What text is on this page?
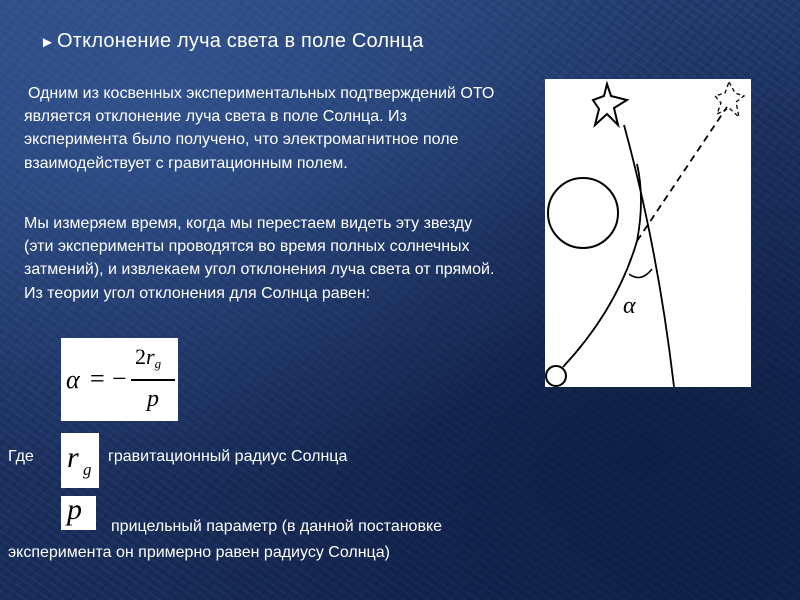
► Отклонение луча света в поле Солнца
Одним из косвенных экспериментальных подтверждений ОТО является отклонение луча света в поле Солнца. Из эксперимента было получено, что электромагнитное поле взаимодействует с гравитационным полем.
Мы измеряем время, когда мы перестаем видеть эту звезду (эти эксперименты проводятся во время полных солнечных затмений), и извлекаем угол отклонения луча света от прямой. Из теории угол отклонения для Солнца равен:
α = −
$2r_g$
p
Где r g
гравитационный радиус Солнца
p
прицельный параметр (в данной постановке
эксперимента он примерно равен радиусу Солнца)
α
